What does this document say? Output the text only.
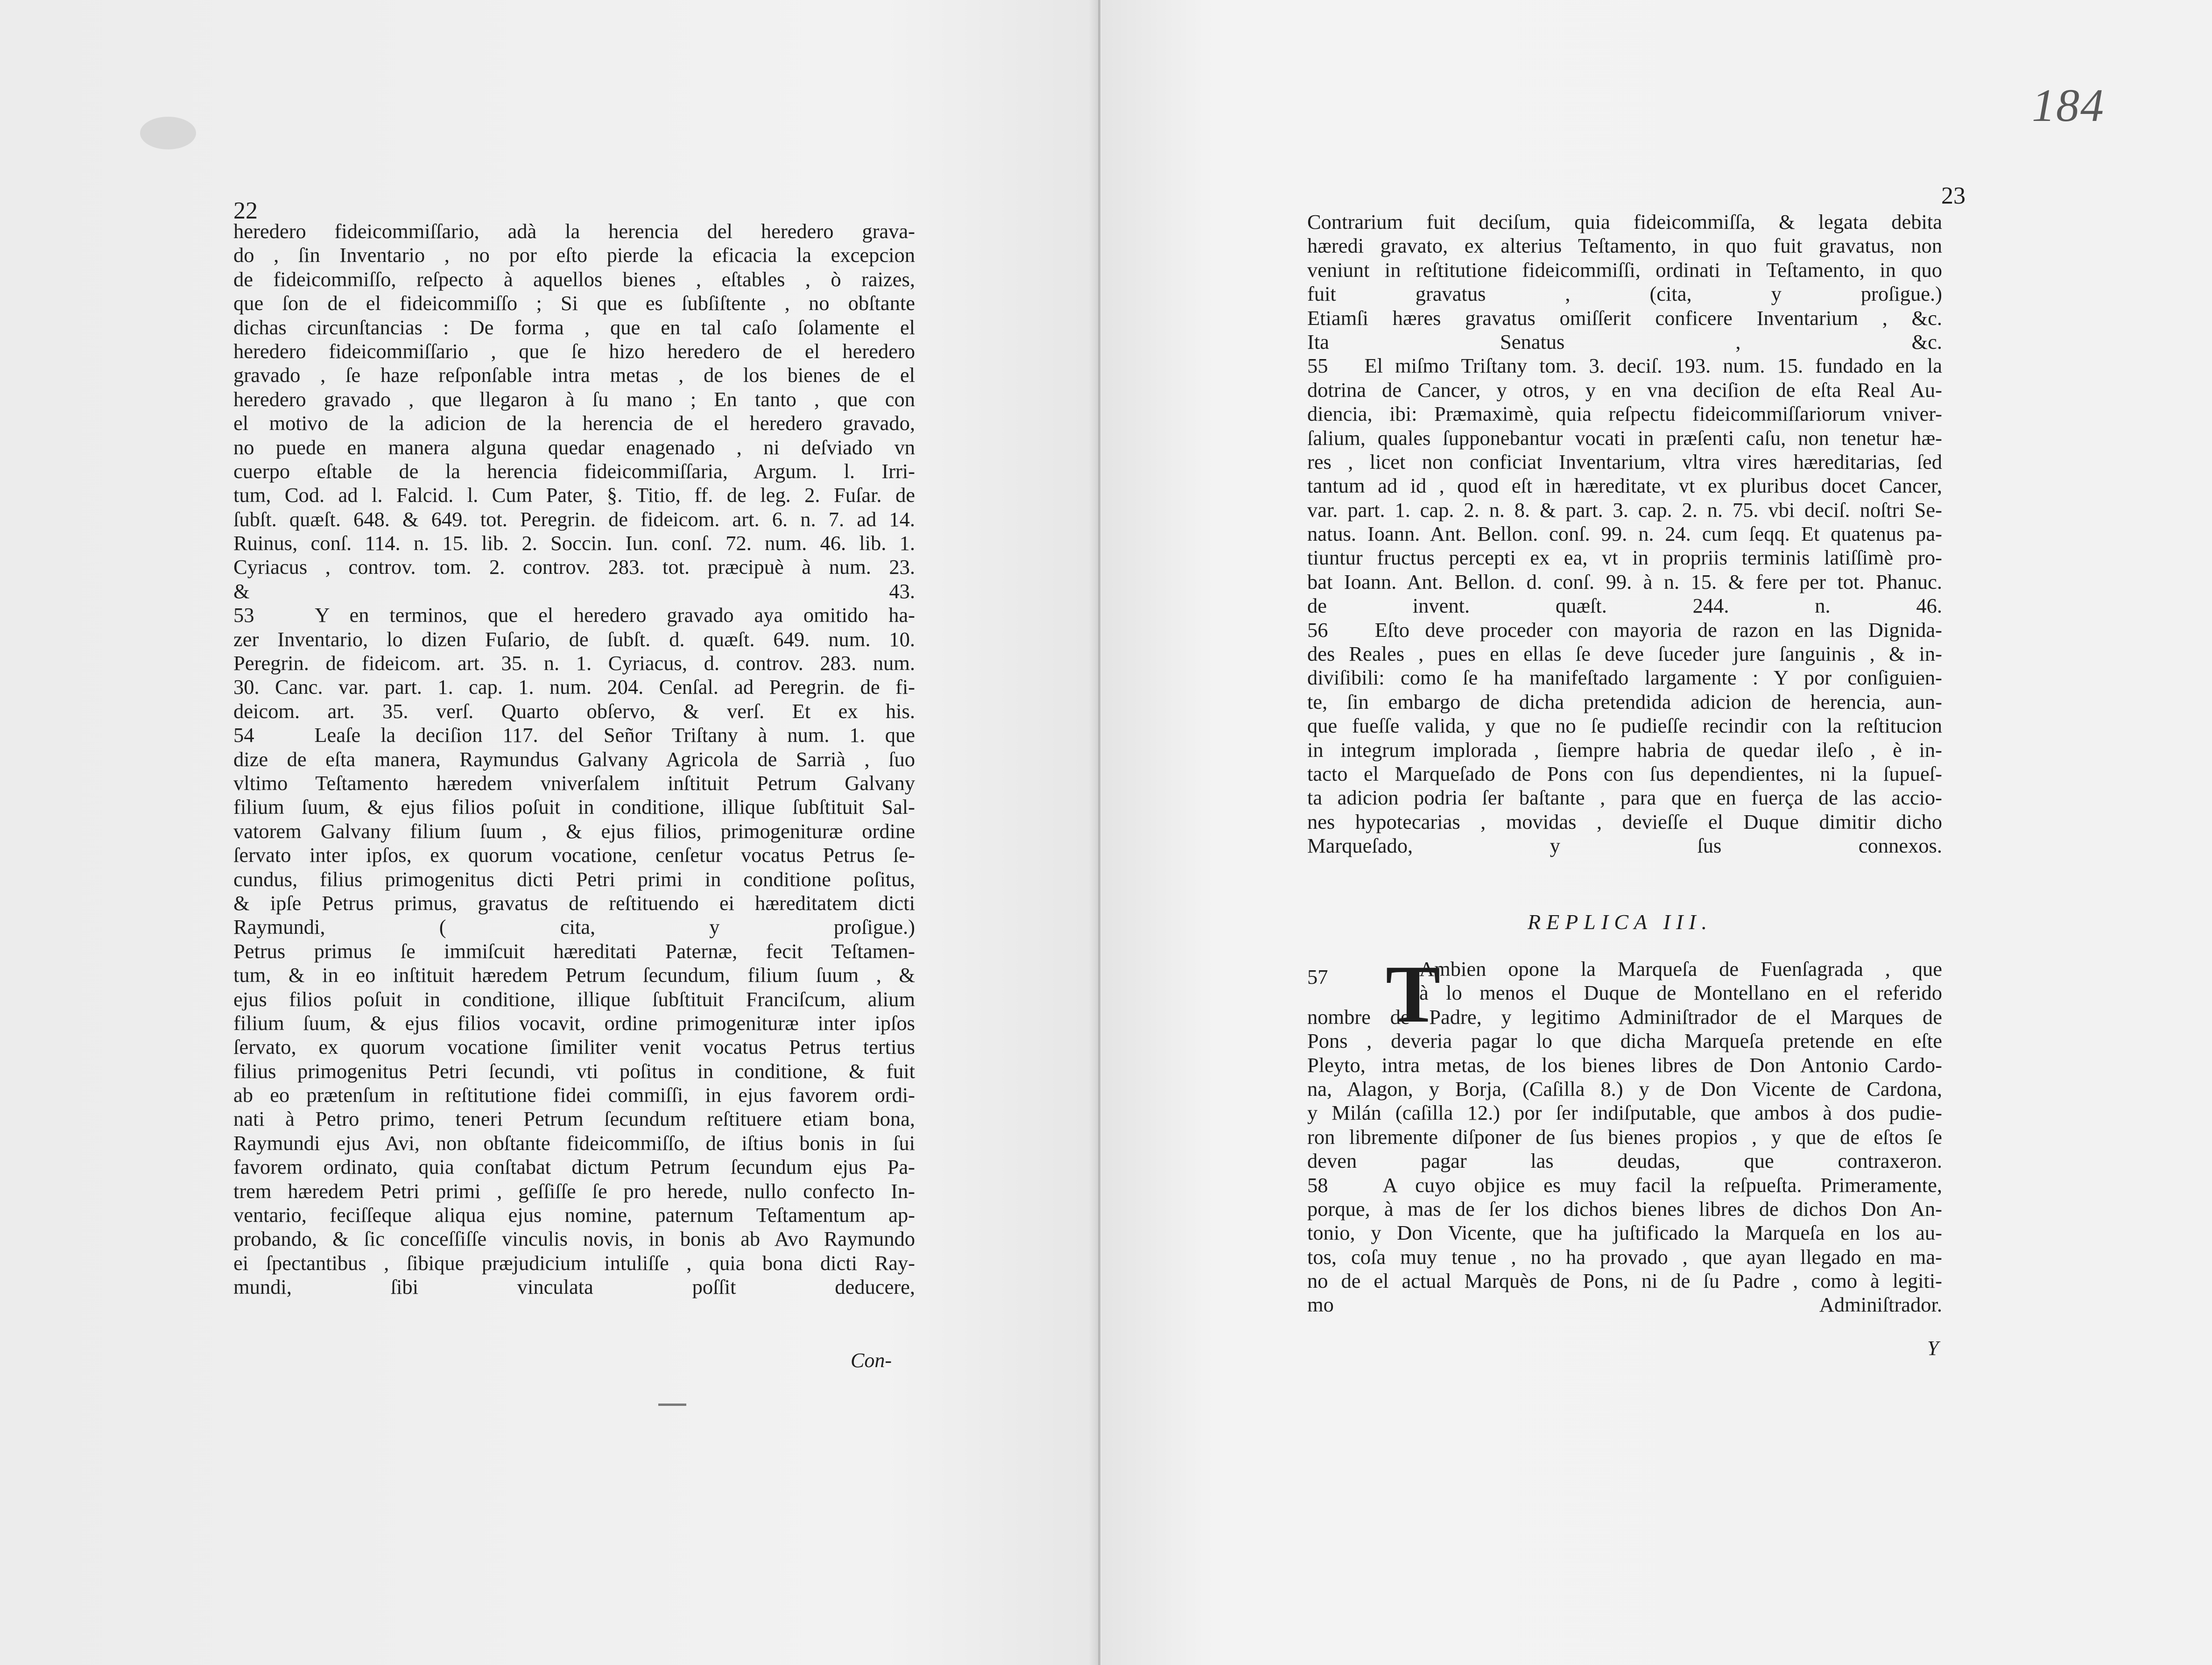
22
heredero fideicommiſſario, adà la herencia del heredero grava-
do , ſin Inventario , no por eſto pierde la eficacia la excepcion
de fideicommiſſo, reſpecto à aquellos bienes , eſtables , ò raizes,
que ſon de el fideicommiſſo ; Si que es ſubſiſtente , no obſtante
dichas circunſtancias : De forma , que en tal caſo ſolamente el
heredero fideicommiſſario , que ſe hizo heredero de el heredero
gravado , ſe haze reſponſable intra metas , de los bienes de el
heredero gravado , que llegaron à ſu mano ; En tanto , que con
el motivo de la adicion de la herencia de el heredero gravado,
no puede en manera alguna quedar enagenado , ni deſviado vn
cuerpo eſtable de la herencia fideicommiſſaria, Argum. l. Irri-
tum, Cod. ad l. Falcid. l. Cum Pater, §. Titio, ff. de leg. 2. Fuſar. de
ſubſt. quæſt. 648. & 649. tot. Peregrin. de fideicom. art. 6. n. 7. ad 14.
Ruinus, conſ. 114. n. 15. lib. 2. Soccin. Iun. conſ. 72. num. 46. lib. 1.
Cyriacus , controv. tom. 2. controv. 283. tot. præcipuè à num. 23.
& 43.
53   Y en terminos, que el heredero gravado aya omitido ha-
zer Inventario, lo dizen Fuſario, de ſubſt. d. quæſt. 649. num. 10.
Peregrin. de fideicom. art. 35. n. 1. Cyriacus, d. controv. 283. num.
30. Canc. var. part. 1. cap. 1. num. 204. Cenſal. ad Peregrin. de fi-
deicom. art. 35. verſ. Quarto obſervo, & verſ. Et ex his.
54   Leaſe la deciſion 117. del Señor Triſtany à num. 1. que
dize de eſta manera, Raymundus Galvany Agricola de Sarrià , ſuo
vltimo Teſtamento hæredem vniverſalem inſtituit Petrum Galvany
filium ſuum, & ejus filios poſuit in conditione, illique ſubſtituit Sal-
vatorem Galvany filium ſuum , & ejus filios, primogenituræ ordine
ſervato inter ipſos, ex quorum vocatione, cenſetur vocatus Petrus ſe-
cundus, filius primogenitus dicti Petri primi in conditione poſitus,
& ipſe Petrus primus, gravatus de reſtituendo ei hæreditatem dicti
Raymundi, ( cita, y proſigue.)
Petrus primus ſe immiſcuit hæreditati Paternæ, fecit Teſtamen-
tum, & in eo inſtituit hæredem Petrum ſecundum, filium ſuum , &
ejus filios poſuit in conditione, illique ſubſtituit Franciſcum, alium
filium ſuum, & ejus filios vocavit, ordine primogenituræ inter ipſos
ſervato, ex quorum vocatione ſimiliter venit vocatus Petrus tertius
filius primogenitus Petri ſecundi, vti poſitus in conditione, & fuit
ab eo prætenſum in reſtitutione fidei commiſſi, in ejus favorem ordi-
nati à Petro primo, teneri Petrum ſecundum reſtituere etiam bona,
Raymundi ejus Avi, non obſtante fideicommiſſo, de iſtius bonis in ſui
favorem ordinato, quia conſtabat dictum Petrum ſecundum ejus Pa-
trem hæredem Petri primi , geſſiſſe ſe pro herede, nullo confecto In-
ventario, feciſſeque aliqua ejus nomine, paternum Teſtamentum ap-
probando, & ſic conceſſiſſe vinculis novis, in bonis ab Avo Raymundo
ei ſpectantibus , ſibique præjudicium intuliſſe , quia bona dicti Ray-
mundi, ſibi vinculata poſſit deducere,
Con-
184
23
Contrarium fuit deciſum, quia fideicommiſſa, & legata debita
hæredi gravato, ex alterius Teſtamento, in quo fuit gravatus, non
veniunt in reſtitutione fideicommiſſi, ordinati in Teſtamento, in quo
fuit gravatus , (cita, y proſigue.)
Etiamſi hæres gravatus omiſſerit conficere Inventarium , &c.
Ita Senatus , &c.
55   El miſmo Triſtany tom. 3. deciſ. 193. num. 15. fundado en la
dotrina de Cancer, y otros, y en vna deciſion de eſta Real Au-
diencia, ibi: Præmaximè, quia reſpectu fideicommiſſariorum vniver-
ſalium, quales ſupponebantur vocati in præſenti caſu, non tenetur hæ-
res , licet non conficiat Inventarium, vltra vires hæreditarias, ſed
tantum ad id , quod eſt in hæreditate, vt ex pluribus docet Cancer,
var. part. 1. cap. 2. n. 8. & part. 3. cap. 2. n. 75. vbi deciſ. noſtri Se-
natus. Ioann. Ant. Bellon. conſ. 99. n. 24. cum ſeqq. Et quatenus pa-
tiuntur fructus percepti ex ea, vt in propriis terminis latiſſimè pro-
bat Ioann. Ant. Bellon. d. conſ. 99. à n. 15. & fere per tot. Phanuc.
de invent. quæſt. 244. n. 46.
56   Eſto deve proceder con mayoria de razon en las Dignida-
des Reales , pues en ellas ſe deve ſuceder jure ſanguinis , & in-
diviſibili: como ſe ha manifeſtado largamente : Y por conſiguien-
te, ſin embargo de dicha pretendida adicion de herencia, aun-
que fueſſe valida, y que no ſe pudieſſe recindir con la reſtitucion
in integrum implorada , ſiempre habria de quedar ileſo , è in-
tacto el Marqueſado de Pons con ſus dependientes, ni la ſupueſ-
ta adicion podria ſer baſtante , para que en fuerça de las accio-
nes hypotecarias , movidas , devieſſe el Duque dimitir dicho
Marqueſado, y ſus connexos.
REPLICA III.
T
57	Ambien opone la Marqueſa de Fuenſagrada , que
à lo menos el Duque de Montellano en el referido
nombre de Padre, y legitimo Adminiſtrador de el Marques de
Pons , deveria pagar lo que dicha Marqueſa pretende en eſte
Pleyto, intra metas, de los bienes libres de Don Antonio Cardo-
na, Alagon, y Borja, (Caſilla 8.) y de Don Vicente de Cardona,
y Milán (caſilla 12.) por ſer indiſputable, que ambos à dos pudie-
ron libremente diſponer de ſus bienes propios , y que de eſtos ſe
deven pagar las deudas, que contraxeron.
58   A cuyo objice es muy facil la reſpueſta. Primeramente,
porque, à mas de ſer los dichos bienes libres de dichos Don An-
tonio, y Don Vicente, que ha juſtificado la Marqueſa en los au-
tos, coſa muy tenue , no ha provado , que ayan llegado en ma-
no de el actual Marquès de Pons, ni de ſu Padre , como à legiti-
mo Adminiſtrador.
Y
